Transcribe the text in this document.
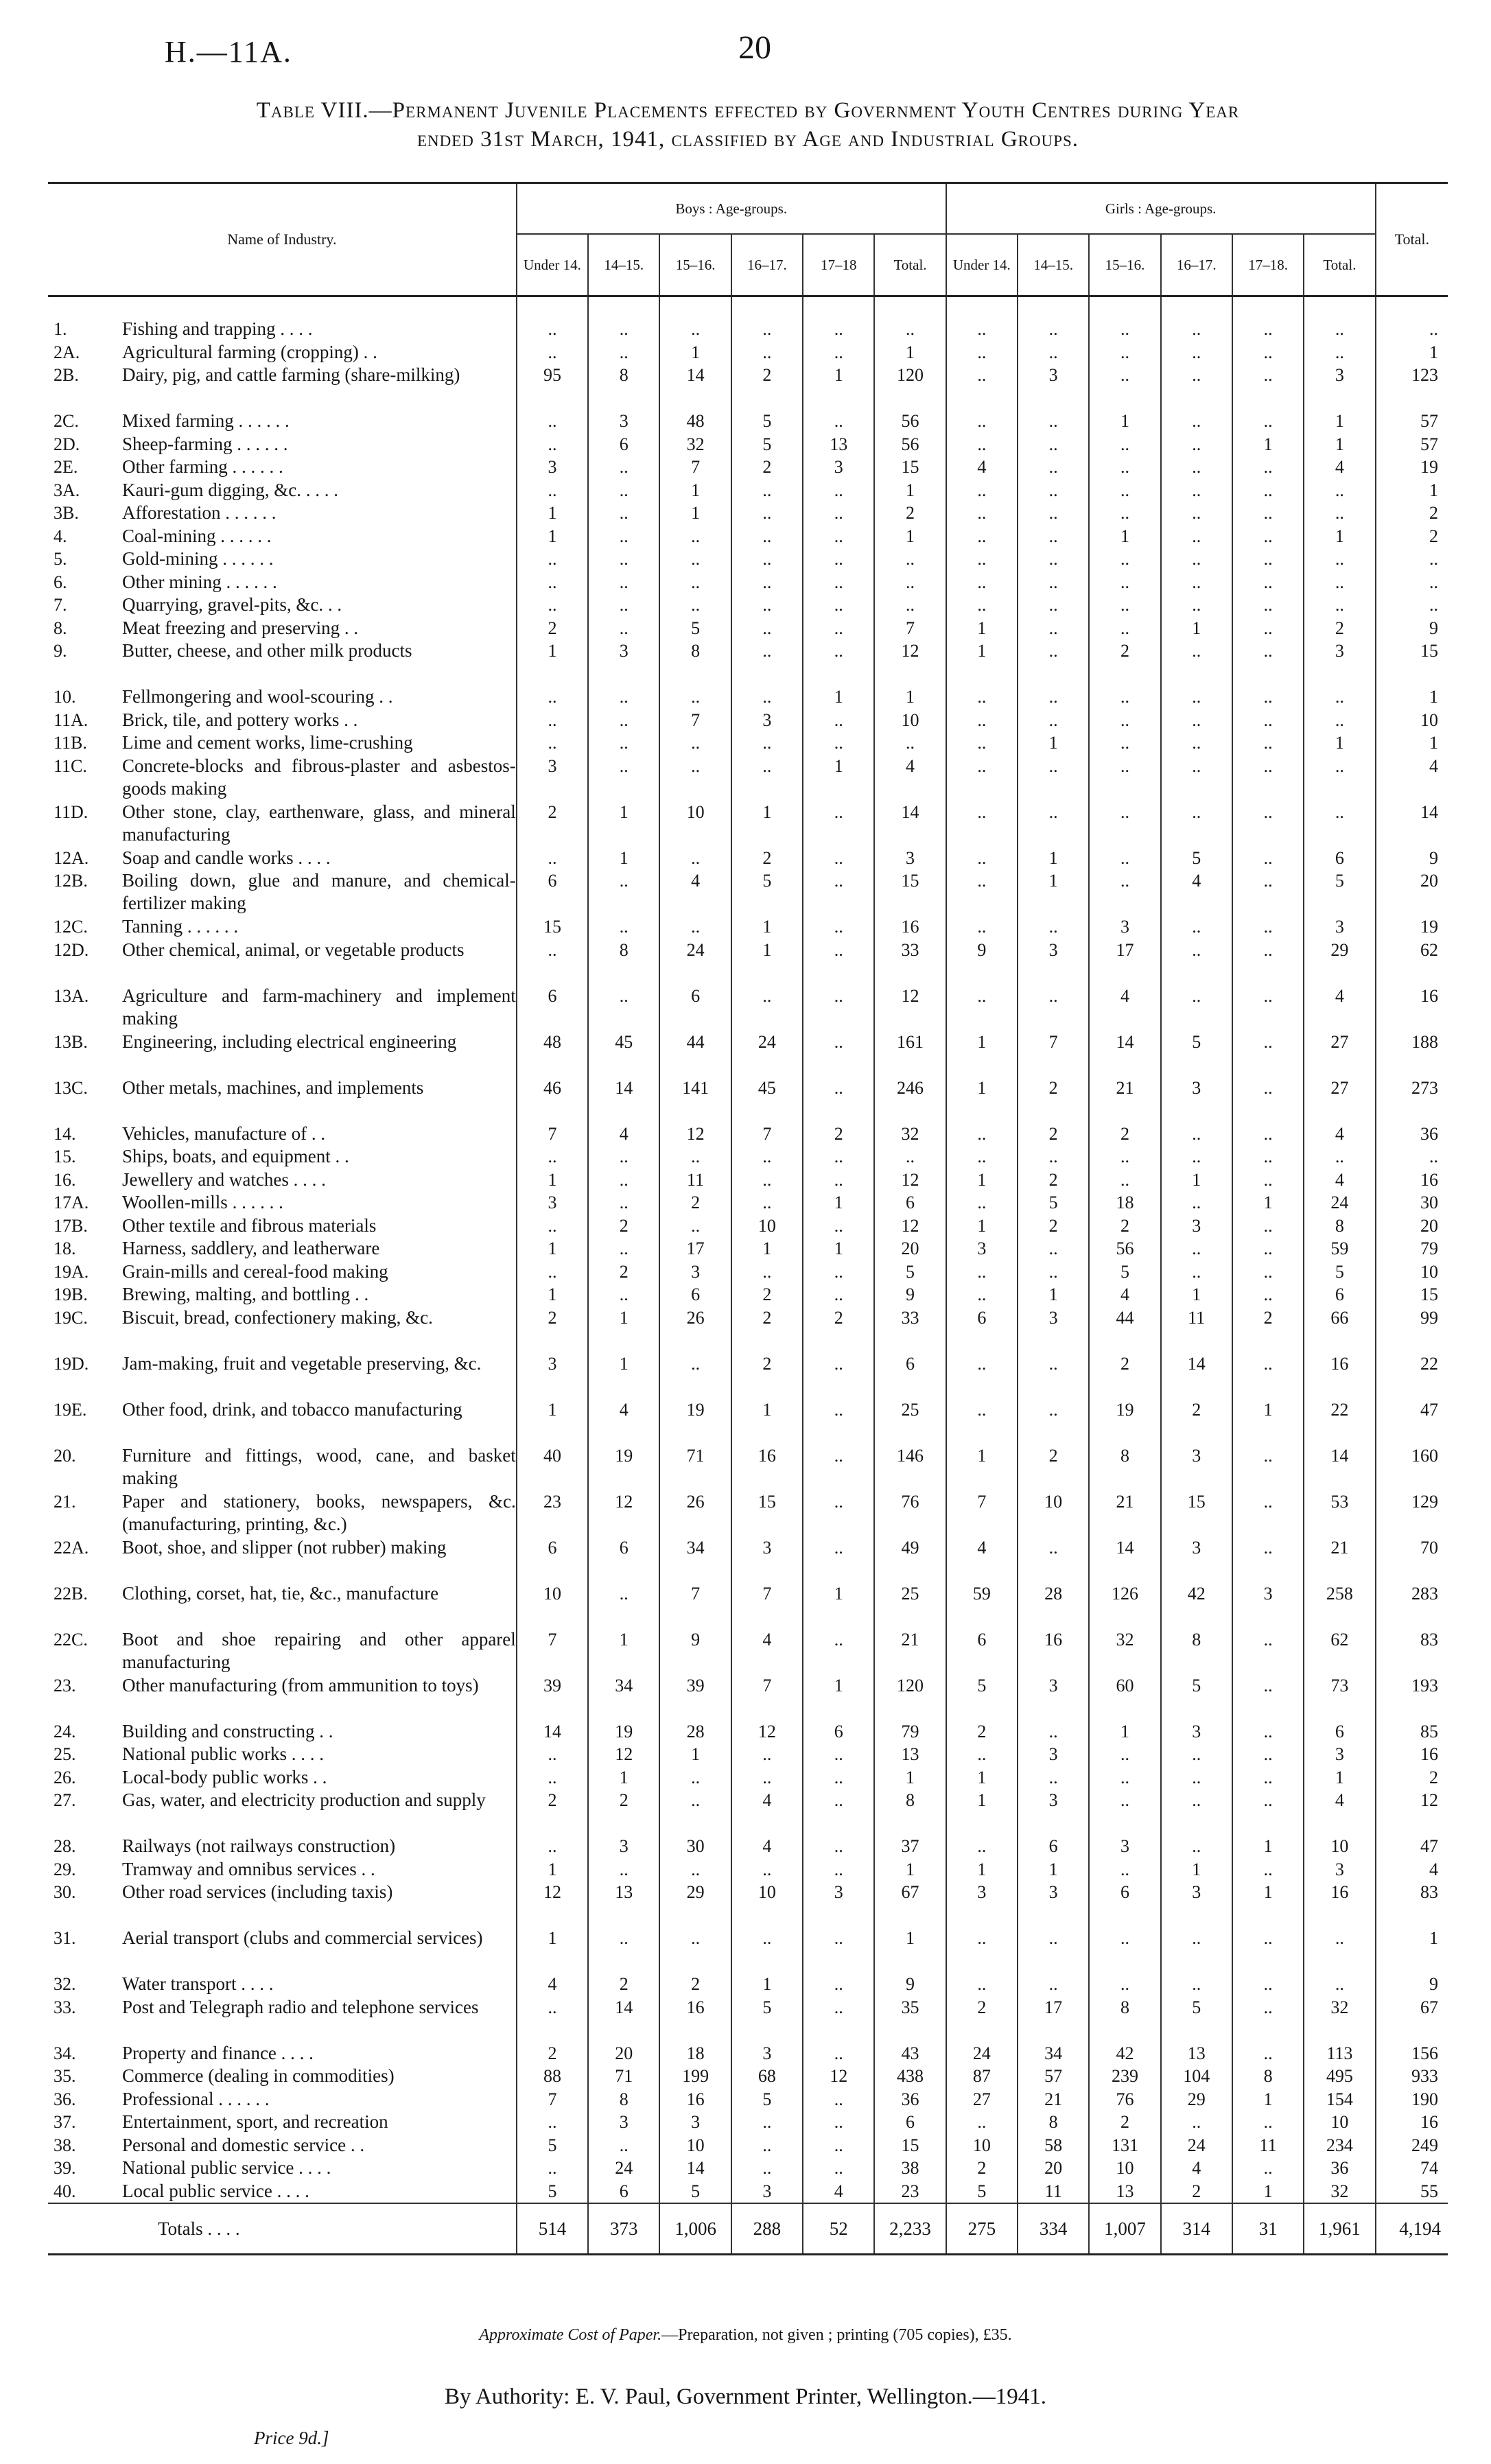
H.—11A.	20
Table VIII.—Permanent Juvenile Placements effected by Government Youth Centres during Year
ended 31st March, 1941, classified by Age and Industrial Groups.
Name of Industry.	Boys : Age-groups.						Girls : Age-groups.						Total.
	Under 14.	14–15.	15–16.	16–17.	17–18	Total.	Under 14.	14–15.	15–16.	16–17.	17–18.	Total.	

1. Fishing and trapping . . . .	..	..	..	..	..	..	..	..	..	..	..	..	..

2A. Agricultural farming (cropping) . .	..	..	1	..	..	1	..	..	..	..	..	..	1

2B. Dairy, pig, and cattle farming (share-milking)	95	8	14	2	1	120	..	3	..	..	..	3	123

2C. Mixed farming . . . . . .	..	3	48	5	..	56	..	..	1	..	..	1	57

2D. Sheep-farming . . . . . .	..	6	32	5	13	56	..	..	..	..	1	1	57

2E. Other farming . . . . . .	3	..	7	2	3	15	4	..	..	..	..	4	19

3A. Kauri-gum digging, &c. . . . .	..	..	1	..	..	1	..	..	..	..	..	..	1

3B. Afforestation . . . . . .	1	..	1	..	..	2	..	..	..	..	..	..	2

4. Coal-mining . . . . . .	1	..	..	..	..	1	..	..	1	..	..	1	2

5. Gold-mining . . . . . .	..	..	..	..	..	..	..	..	..	..	..	..	..

6. Other mining . . . . . .	..	..	..	..	..	..	..	..	..	..	..	..	..

7. Quarrying, gravel-pits, &c. . .	..	..	..	..	..	..	..	..	..	..	..	..	..

8. Meat freezing and preserving . .	2	..	5	..	..	7	1	..	..	1	..	2	9

9. Butter, cheese, and other milk products	1	3	8	..	..	12	1	..	2	..	..	3	15

10. Fellmongering and wool-scouring . .	..	..	..	..	1	1	..	..	..	..	..	..	1

11A. Brick, tile, and pottery works . .	..	..	7	3	..	10	..	..	..	..	..	..	10

11B. Lime and cement works, lime-crushing	..	..	..	..	..	..	..	1	..	..	..	1	1

11C. Concrete-blocks and fibrous-plaster and asbestos-goods making	3	..	..	..	1	4	..	..	..	..	..	..	4

11D. Other stone, clay, earthenware, glass, and mineral manufacturing	2	1	10	1	..	14	..	..	..	..	..	..	14

12A. Soap and candle works . . . .	..	1	..	2	..	3	..	1	..	5	..	6	9

12B. Boiling down, glue and manure, and chemical-fertilizer making	6	..	4	5	..	15	..	1	..	4	..	5	20

12C. Tanning . . . . . .	15	..	..	1	..	16	..	..	3	..	..	3	19

12D. Other chemical, animal, or vegetable products	..	8	24	1	..	33	9	3	17	..	..	29	62

13A. Agriculture and farm-machinery and implement making	6	..	6	..	..	12	..	..	4	..	..	4	16

13B. Engineering, including electrical engineering	48	45	44	24	..	161	1	7	14	5	..	27	188

13C. Other metals, machines, and implements	46	14	141	45	..	246	1	2	21	3	..	27	273

14. Vehicles, manufacture of . .	7	4	12	7	2	32	..	2	2	..	..	4	36

15. Ships, boats, and equipment . .	..	..	..	..	..	..	..	..	..	..	..	..	..

16. Jewellery and watches . . . .	1	..	11	..	..	12	1	2	..	1	..	4	16

17A. Woollen-mills . . . . . .	3	..	2	..	1	6	..	5	18	..	1	24	30

17B. Other textile and fibrous materials	..	2	..	10	..	12	1	2	2	3	..	8	20

18. Harness, saddlery, and leatherware	1	..	17	1	1	20	3	..	56	..	..	59	79

19A. Grain-mills and cereal-food making	..	2	3	..	..	5	..	..	5	..	..	5	10

19B. Brewing, malting, and bottling . .	1	..	6	2	..	9	..	1	4	1	..	6	15

19C. Biscuit, bread, confectionery making, &c.	2	1	26	2	2	33	6	3	44	11	2	66	99

19D. Jam-making, fruit and vegetable preserving, &c.	3	1	..	2	..	6	..	..	2	14	..	16	22

19E. Other food, drink, and tobacco manufacturing	1	4	19	1	..	25	..	..	19	2	1	22	47

20. Furniture and fittings, wood, cane, and basket making	40	19	71	16	..	146	1	2	8	3	..	14	160

21. Paper and stationery, books, newspapers, &c. (manufacturing, printing, &c.)	23	12	26	15	..	76	7	10	21	15	..	53	129

22A. Boot, shoe, and slipper (not rubber) making	6	6	34	3	..	49	4	..	14	3	..	21	70

22B. Clothing, corset, hat, tie, &c., manufacture	10	..	7	7	1	25	59	28	126	42	3	258	283

22C. Boot and shoe repairing and other apparel manufacturing	7	1	9	4	..	21	6	16	32	8	..	62	83

23. Other manufacturing (from ammunition to toys)	39	34	39	7	1	120	5	3	60	5	..	73	193

24. Building and constructing . .	14	19	28	12	6	79	2	..	1	3	..	6	85

25. National public works . . . .	..	12	1	..	..	13	..	3	..	..	..	3	16

26. Local-body public works . .	..	1	..	..	..	1	1	..	..	..	..	1	2

27. Gas, water, and electricity production and supply	2	2	..	4	..	8	1	3	..	..	..	4	12

28. Railways (not railways construction)	..	3	30	4	..	37	..	6	3	..	1	10	47

29. Tramway and omnibus services . .	1	..	..	..	..	1	1	1	..	1	..	3	4

30. Other road services (including taxis)	12	13	29	10	3	67	3	3	6	3	1	16	83

31. Aerial transport (clubs and commercial services)	1	..	..	..	..	1	..	..	..	..	..	..	1

32. Water transport . . . .	4	2	2	1	..	9	..	..	..	..	..	..	9

33. Post and Telegraph radio and telephone services	..	14	16	5	..	35	2	17	8	5	..	32	67

34. Property and finance . . . .	2	20	18	3	..	43	24	34	42	13	..	113	156

35. Commerce (dealing in commodities)	88	71	199	68	12	438	87	57	239	104	8	495	933

36. Professional . . . . . .	7	8	16	5	..	36	27	21	76	29	1	154	190

37. Entertainment, sport, and recreation	..	3	3	..	..	6	..	8	2	..	..	10	16

38. Personal and domestic service . .	5	..	10	..	..	15	10	58	131	24	11	234	249

39. National public service . . . .	..	24	14	..	..	38	2	20	10	4	..	36	74

40. Local public service . . . .	5	6	5	3	4	23	5	11	13	2	1	32	55
Totals . . . .	514	373	1,006	288	52	2,233	275	334	1,007	314	31	1,961	4,194
Approximate Cost of Paper.—Preparation, not given ; printing (705 copies), £35.
By Authority: E. V. Paul, Government Printer, Wellington.—1941.
Price 9d.]
